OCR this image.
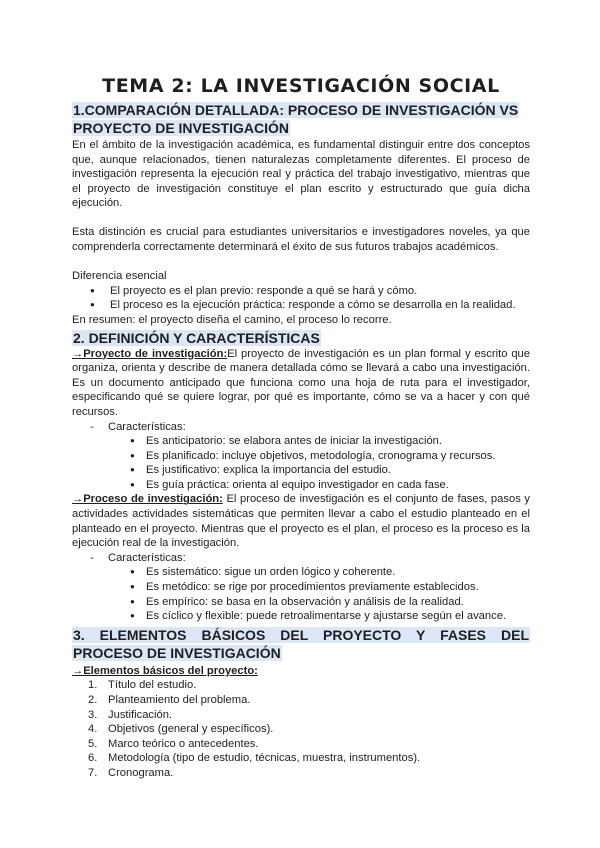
TEMA 2: LA INVESTIGACIÓN SOCIAL
1.COMPARACIÓN DETALLADA: PROCESO DE INVESTIGACIÓN VS
PROYECTO DE INVESTIGACIÓN

En el ámbito de la investigación académica, es fundamental distinguir entre dos conceptos que, aunque relacionados, tienen naturalezas completamente diferentes. El proceso de investigación representa la ejecución real y práctica del trabajo investigativo, mientras que el proyecto de investigación constituye el plan escrito y estructurado que guía dicha ejecución.

Esta distinción es crucial para estudiantes universitarios e investigadores noveles, ya que comprenderla correctamente determinará el éxito de sus futuros trabajos académicos.

Diferencia esencial
● El proyecto es el plan previo: responde a qué se hará y cómo.
● El proceso es la ejecución práctica: responde a cómo se desarrolla en la realidad.
En resumen: el proyecto diseña el camino, el proceso lo recorre.
2. DEFINICIÓN Y CARACTERÍSTICAS

→Proyecto de investigación:El proyecto de investigación es un plan formal y escrito que organiza, orienta y describe de manera detallada cómo se llevará a cabo una investigación. Es un documento anticipado que funciona como una hoja de ruta para el investigador, especificando qué se quiere lograr, por qué es importante, cómo se va a hacer y con qué recursos.

- Características:
● Es anticipatorio: se elabora antes de iniciar la investigación.
● Es planificado: incluye objetivos, metodología, cronograma y recursos.
● Es justificativo: explica la importancia del estudio.
● Es guía práctica: orienta al equipo investigador en cada fase.

→Proceso de investigación: El proceso de investigación es el conjunto de fases, pasos y actividades actividades sistemáticas que permiten llevar a cabo el estudio planteado en el planteado en el proyecto. Mientras que el proyecto es el plan, el proceso es la proceso es la ejecución real de la investigación.

- Características:
● Es sistemático: sigue un orden lógico y coherente.
● Es metódico: se rige por procedimientos previamente establecidos.
● Es empírico: se basa en la observación y análisis de la realidad.
● Es cíclico y flexible: puede retroalimentarse y ajustarse según el avance.
3. ELEMENTOS BÁSICOS DEL PROYECTO Y FASES DEL
PROCESO DE INVESTIGACIÓN
→Elementos básicos del proyecto:
1. Título del estudio.
2. Planteamiento del problema.
3. Justificación.
4. Objetivos (general y específicos).
5. Marco teórico o antecedentes.
6. Metodología (tipo de estudio, técnicas, muestra, instrumentos).
7. Cronograma.
